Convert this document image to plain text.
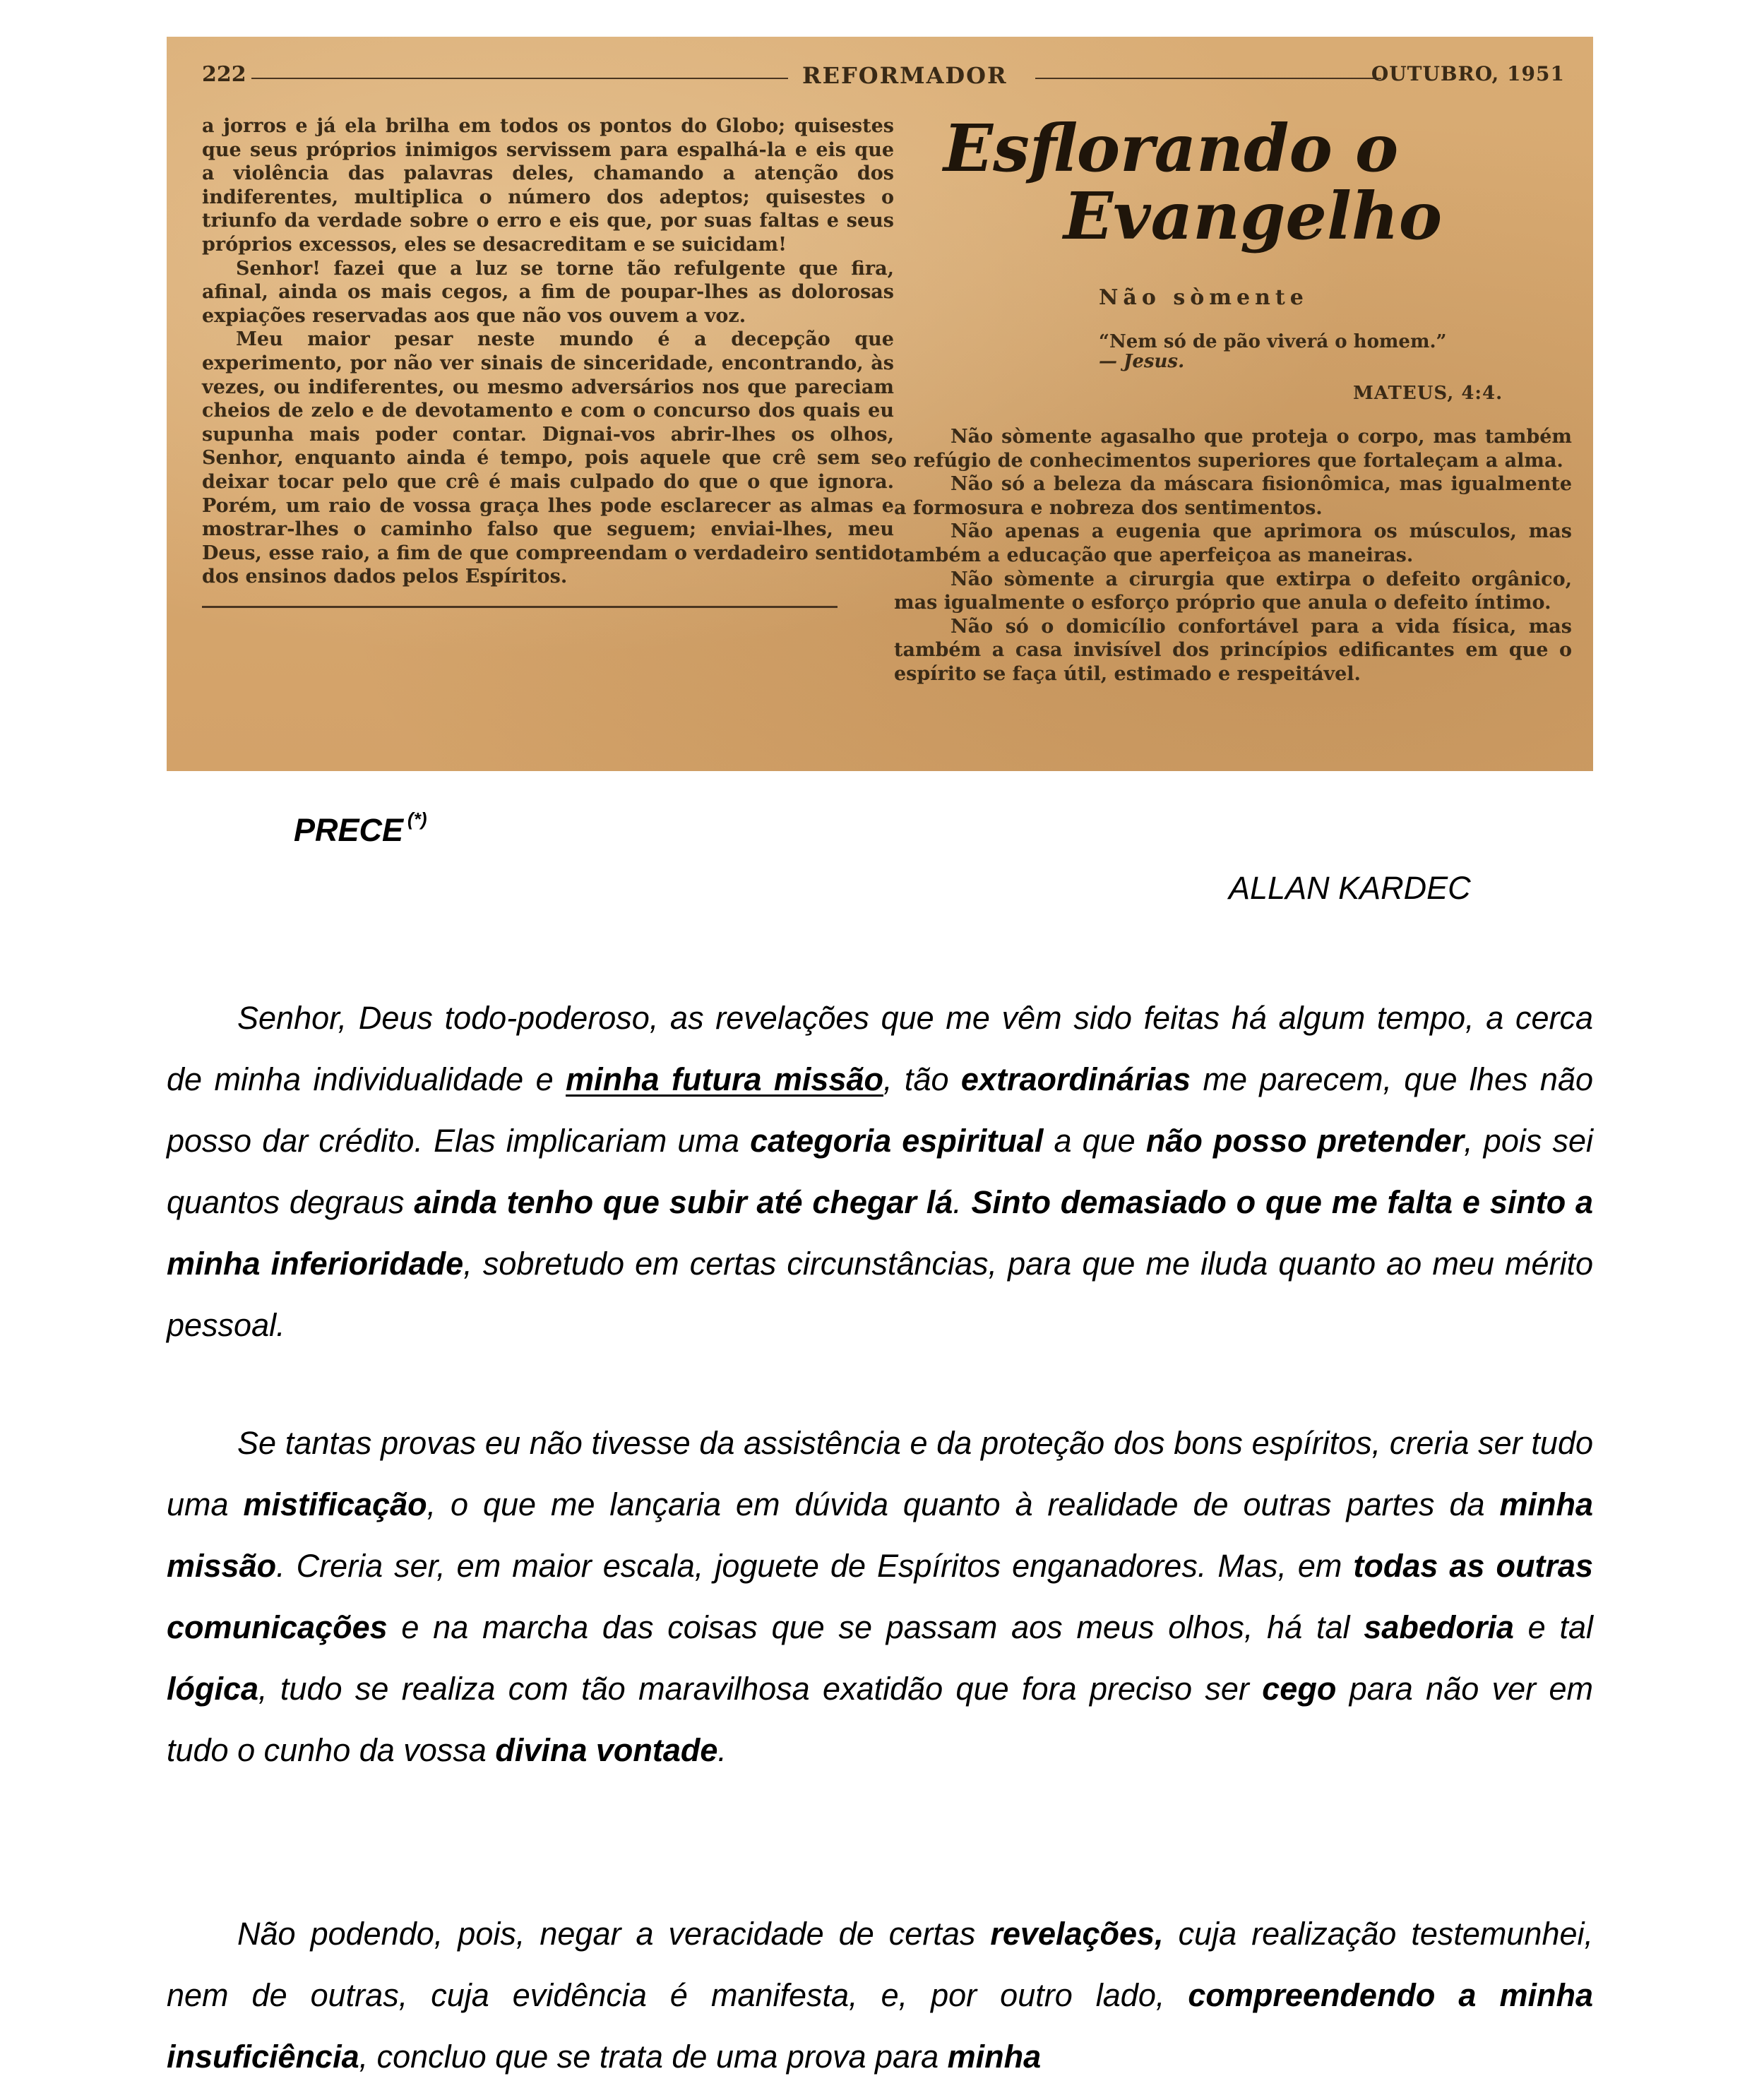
222	REFORMADOR	OUTUBRO, 1951

a jorros e já ela brilha em todos os pontos do Globo; quisestes que seus próprios inimigos servissem para espalhá-la e eis que a violência das palavras deles, chamando a atenção dos indiferentes, multiplica o número dos adeptos; quisestes o triunfo da verdade sobre o erro e eis que, por suas faltas e seus próprios excessos, eles se desacreditam e se suicidam!

Senhor! fazei que a luz se torne tão refulgente que fira, afinal, ainda os mais cegos, a fim de poupar-lhes as dolorosas expiações reservadas aos que não vos ouvem a voz.

Meu maior pesar neste mundo é a decepção que experimento, por não ver sinais de sinceridade, encontrando, às vezes, ou indiferentes, ou mesmo adversários nos que pareciam cheios de zelo e de devotamento e com o concurso dos quais eu supunha mais poder contar. Dignai-vos abrir-lhes os olhos, Senhor, enquanto ainda é tempo, pois aquele que crê sem se deixar tocar pelo que crê é mais culpado do que o que ignora. Porém, um raio de vossa graça lhes pode esclarecer as almas e mostrar-lhes o caminho falso que seguem; enviai-lhes, meu Deus, esse raio, a fim de que compreendam o verdadeiro sentido dos ensinos dados pelos Espíritos.

Esflorando o
Evangelho
Não sòmente
“Nem só de pão viverá o homem.”
— Jesus.
MATEUS, 4:4.

Não sòmente agasalho que proteja o corpo, mas também o refúgio de conhecimentos superiores que fortaleçam a alma.

Não só a beleza da máscara fisionômica, mas igualmente a formosura e nobreza dos sentimentos.

Não apenas a eugenia que aprimora os músculos, mas também a educação que aperfeiçoa as maneiras.

Não sòmente a cirurgia que extirpa o defeito orgânico, mas igualmente o esforço próprio que anula o defeito íntimo.

Não só o domicílio confortável para a vida física, mas também a casa invisível dos princípios edificantes em que o espírito se faça útil, estimado e respeitável.

PRECE (*)
ALLAN KARDEC

Senhor, Deus todo-poderoso, as revelações que me vêm sido feitas há algum tempo, a cerca de minha individualidade e minha futura missão, tão extraordinárias me parecem, que lhes não posso dar crédito. Elas implicariam uma categoria espiritual a que não posso pretender, pois sei quantos degraus ainda tenho que subir até chegar lá. Sinto demasiado o que me falta e sinto a minha inferioridade, sobretudo em certas circunstâncias, para que me iluda quanto ao meu mérito pessoal.

Se tantas provas eu não tivesse da assistência e da proteção dos bons espíritos, creria ser tudo uma mistificação, o que me lançaria em dúvida quanto à realidade de outras partes da minha missão. Creria ser, em maior escala, joguete de Espíritos enganadores. Mas, em todas as outras comunicações e na marcha das coisas que se passam aos meus olhos, há tal sabedoria e tal lógica, tudo se realiza com tão maravilhosa exatidão que fora preciso ser cego para não ver em tudo o cunho da vossa divina vontade.

Não podendo, pois, negar a veracidade de certas revelações, cuja realização testemunhei, nem de outras, cuja evidência é manifesta, e, por outro lado, compreendendo a minha insuficiência, concluo que se trata de uma prova para minha
